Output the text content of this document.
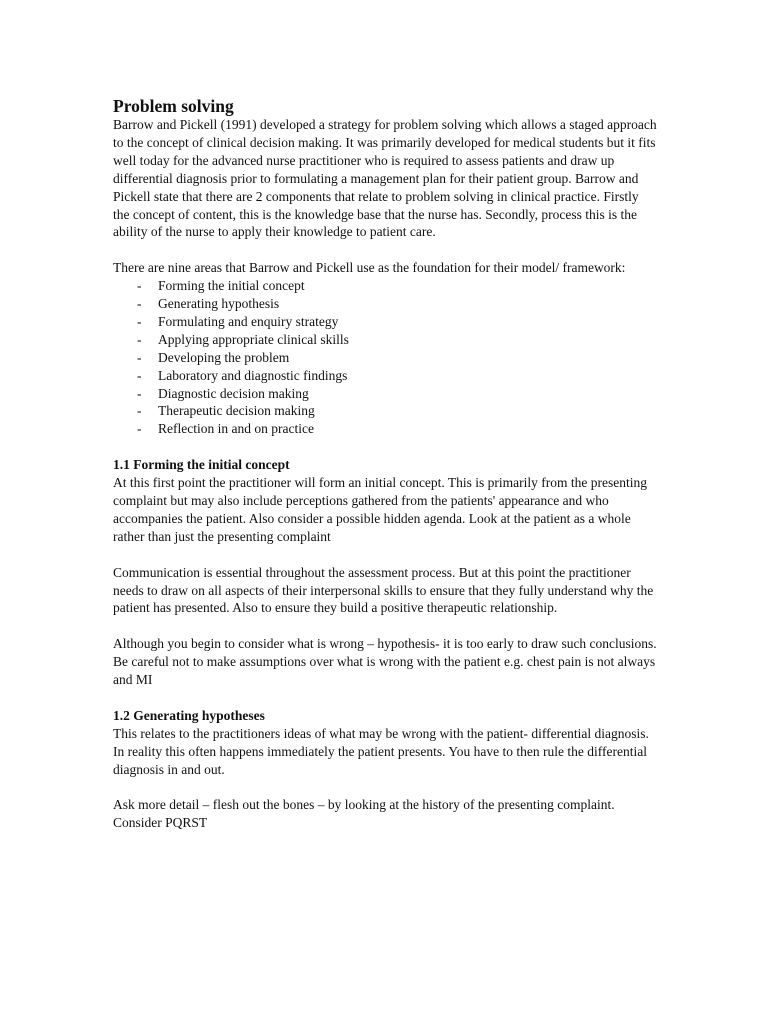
Problem solving

Barrow and Pickell (1991) developed a strategy for problem solving which allows a staged approach to the concept of clinical decision making. It was primarily developed for medical students but it fits well today for the advanced nurse practitioner who is required to assess patients and draw up differential diagnosis prior to formulating a management plan for their patient group. Barrow and Pickell state that there are 2 components that relate to problem solving in clinical practice. Firstly the concept of content, this is the knowledge base that the nurse has. Secondly, process this is the ability of the nurse to apply their knowledge to patient care.

There are nine areas that Barrow and Pickell use as the foundation for their model/ framework:

- Forming the initial concept
- Generating hypothesis
- Formulating and enquiry strategy
- Applying appropriate clinical skills
- Developing the problem
- Laboratory and diagnostic findings
- Diagnostic decision making
- Therapeutic decision making
- Reflection in and on practice

1.1 Forming the initial concept

At this first point the practitioner will form an initial concept. This is primarily from the presenting complaint but may also include perceptions gathered from the patients' appearance and who accompanies the patient. Also consider a possible hidden agenda. Look at the patient as a whole rather than just the presenting complaint

Communication is essential throughout the assessment process. But at this point the practitioner needs to draw on all aspects of their interpersonal skills to ensure that they fully understand why the patient has presented. Also to ensure they build a positive therapeutic relationship.

Although you begin to consider what is wrong – hypothesis- it is too early to draw such conclusions. Be careful not to make assumptions over what is wrong with the patient e.g. chest pain is not always and MI

1.2 Generating hypotheses

This relates to the practitioners ideas of what may be wrong with the patient- differential diagnosis. In reality this often happens immediately the patient presents. You have to then rule the differential diagnosis in and out.

Ask more detail – flesh out the bones – by looking at the history of the presenting complaint. Consider PQRST
